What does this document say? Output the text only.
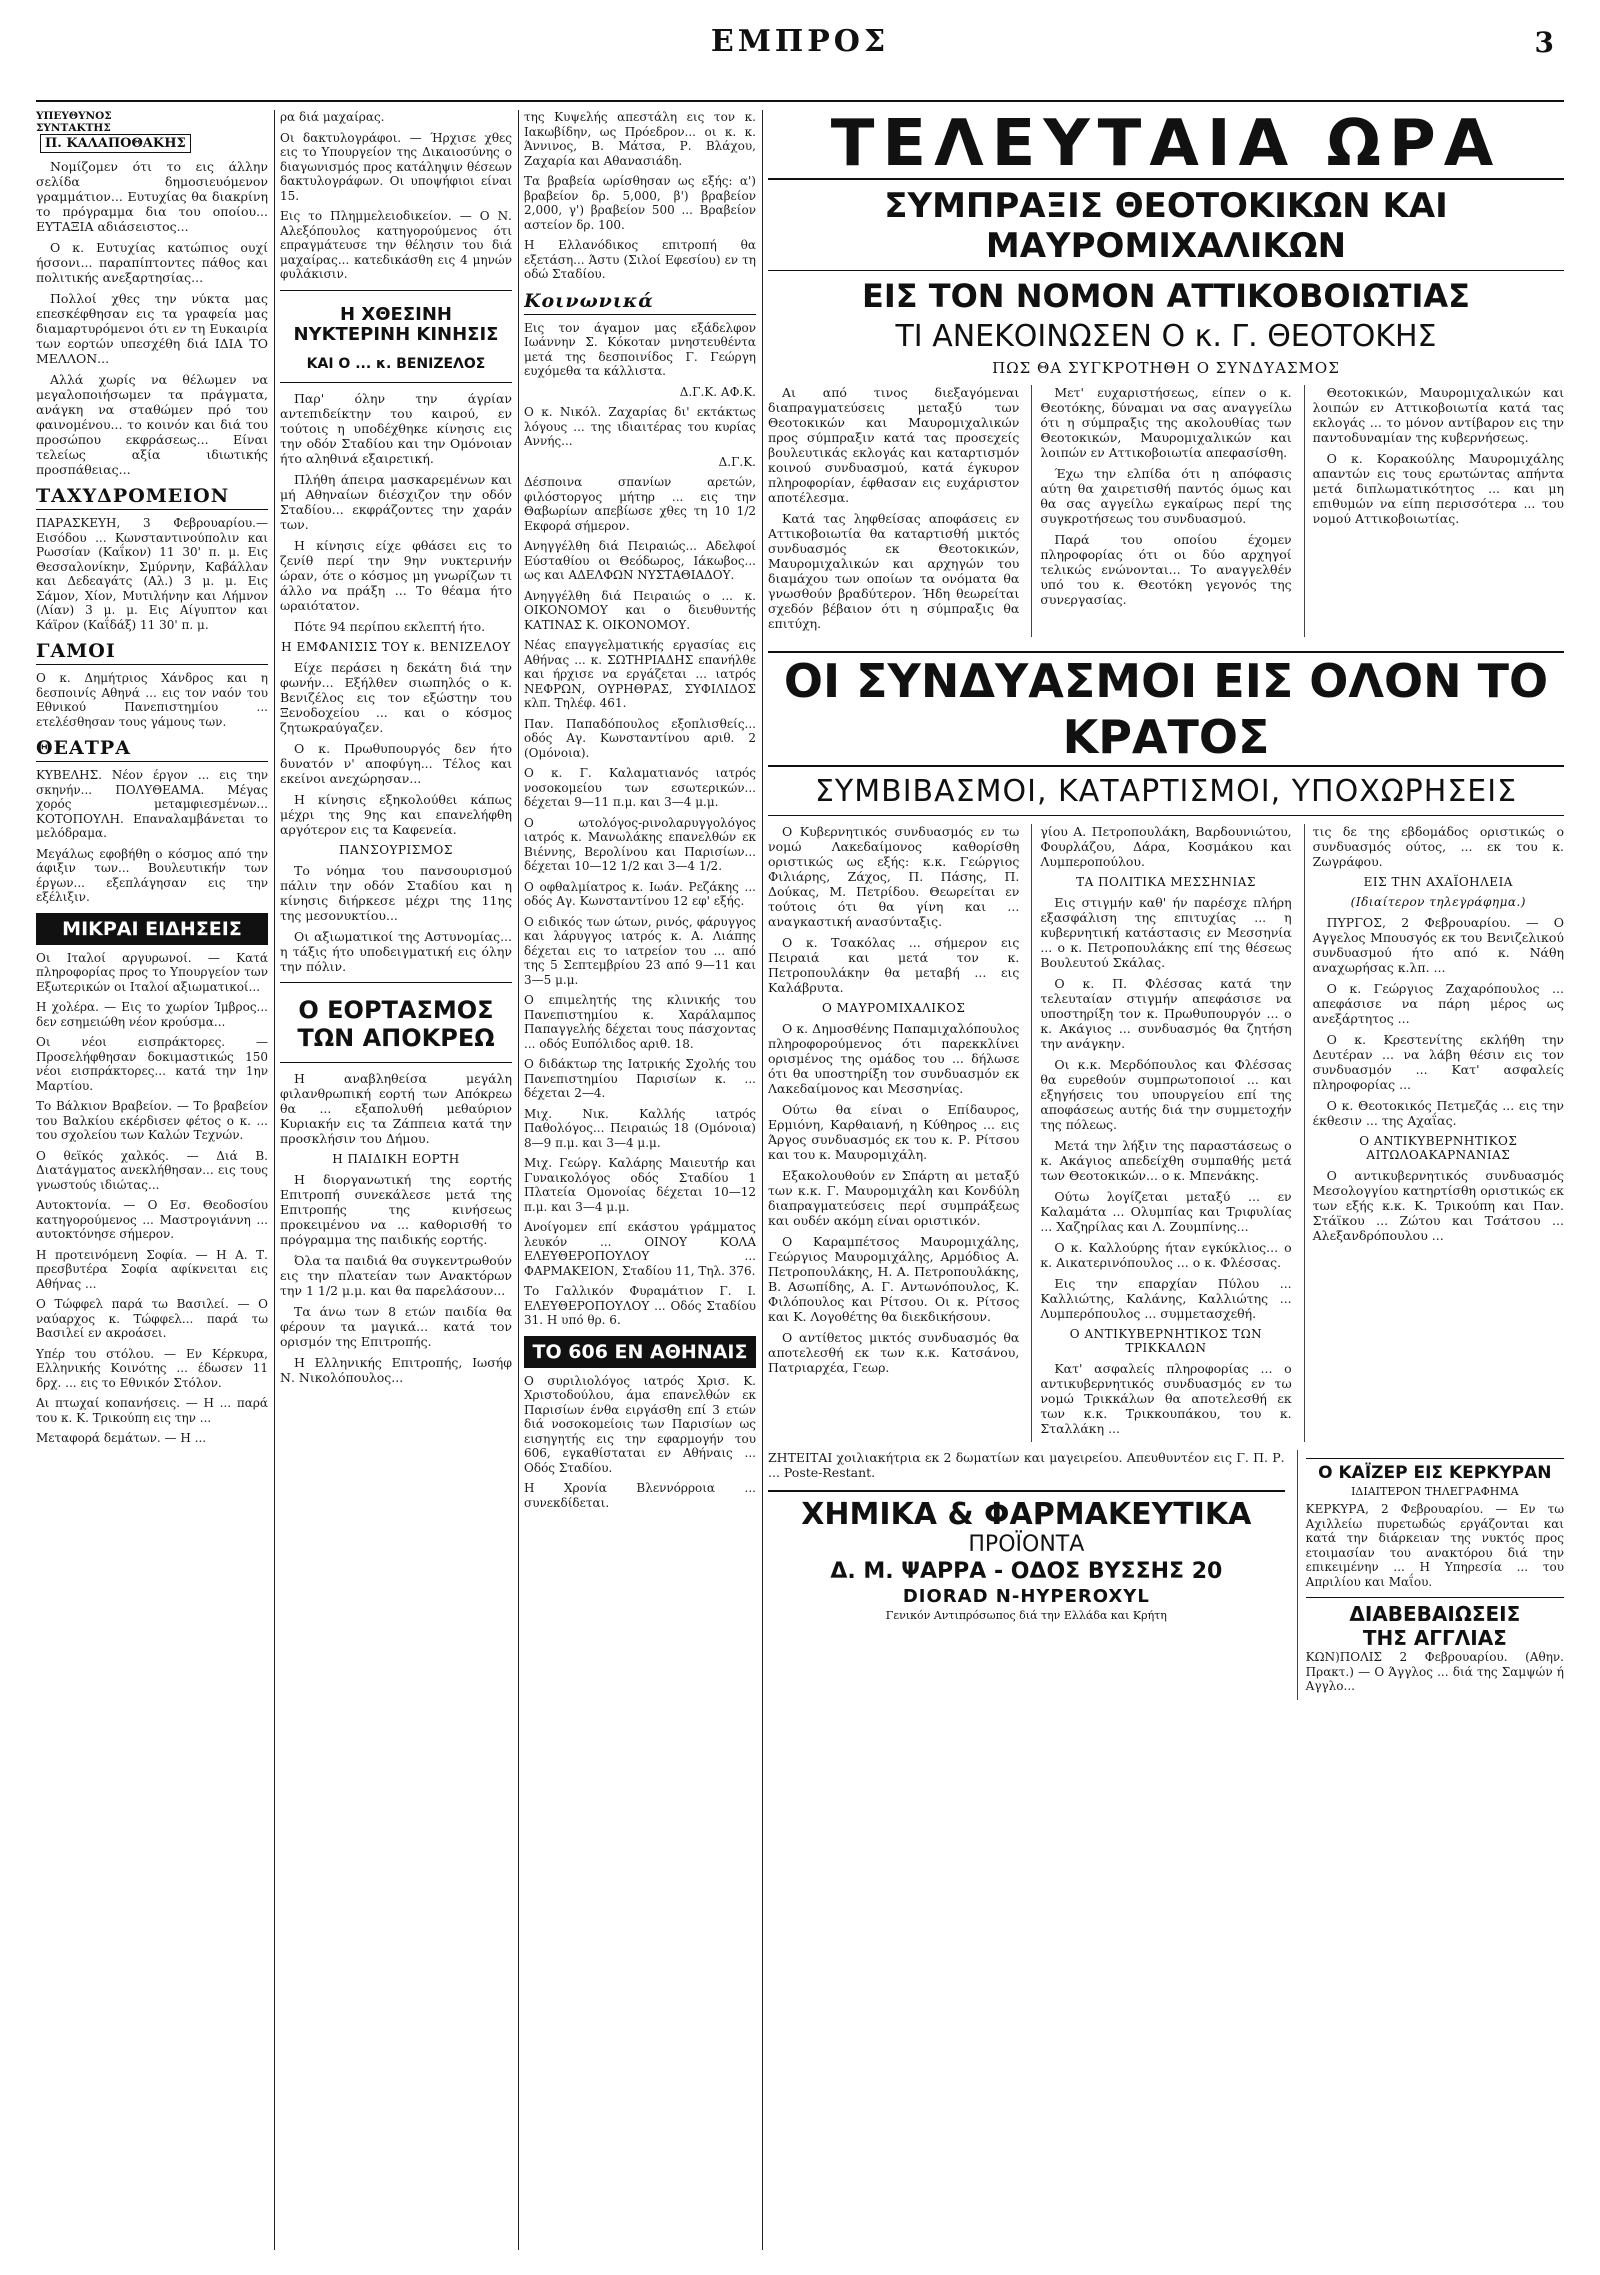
ΕΜΠΡΟΣ	3
ΥΠΕΥΘΥΝΟΣ
ΣΥΝΤΑΚΤΗΣ Π. ΚΑΛΑΠΟΘΑΚΗΣ

Νομίζομεν ότι το εις άλλην σελίδα δημοσιευόμενον γραμμάτιον... Ευτυχίας θα διακρίνη το πρόγραμμα δια του οποίου... ΕΥΤΑΞΙΑ αδιάσειστος...

Ο κ. Ευτυχίας κατώπιος ουχί ήσσονι... παραπίπτοντες πάθος και πολιτικής ανεξαρτησίας...

Πολλοί χθες την νύκτα μας επεσκέφθησαν εις τα γραφεία μας διαμαρτυρόμενοι ότι εν τη Ευκαιρία των εορτών υπεσχέθη διά ΙΔΙΑ ΤΟ ΜΕΛΛΟΝ...

Αλλά χωρίς να θέλωμεν να μεγαλοποιήσωμεν τα πράγματα, ανάγκη να σταθώμεν πρό του φαινομένου... το κοινόν και διά του προσώπου εκφράσεως... Είναι τελείως αξία ιδιωτικής προσπάθειας...

ΤΑΧΥΔΡΟΜΕΙΟΝ

ΠΑΡΑΣΚΕΥΗ, 3 Φεβρουαρίου.—Εισόδου ... Κωνσταντινούπολιν και Ρωσσίαν (Καΐκον) 11 30' π. μ. Εις Θεσσαλονίκην, Σμύρνην, Καβάλλαν και Δεδεαγάτς (Αλ.) 3 μ. μ. Εις Σάμον, Χίον, Μυτιλήνην και Λήμνον (Λίαν) 3 μ. μ. Εις Αίγυπτον και Κάϊρον (Καΐδάξ) 11 30' π. μ.

ΓΑΜΟΙ

Ο κ. Δημήτριος Χάνδρος και η δεσποινίς Αθηνά ... εις τον ναόν του Εθνικού Πανεπιστημίου ... ετελέσθησαν τους γάμους των.

ΘΕΑΤΡΑ

ΚΥΒΕΛΗΣ. Νέον έργον ... εις την σκηνήν... ΠΟΛΥΘΕΑΜΑ. Μέγας χορός μεταμφιεσμένων... ΚΟΤΟΠΟΥΛΗ. Επαναλαμβάνεται το μελόδραμα.

Μεγάλως εφοβήθη ο κόσμος από την άφιξιν των... Βουλευτικήν των έργων... εξεπλάγησαν εις την εξέλιξιν.

ΜΙΚΡΑΙ ΕΙΔΗΣΕΙΣ

Οι Ιταλοί αργυρωνοί. — Κατά πληροφορίας προς το Υπουργείον των Εξωτερικών οι Ιταλοί αξιωματικοί...

Η χολέρα. — Εις το χωρίον Ίμβρος... δεν εσημειώθη νέον κρούσμα...

Οι νέοι εισπράκτορες. — Προσελήφθησαν δοκιμαστικώς 150 νέοι εισπράκτορες... κατά την 1ην Μαρτίου.

Το Βάλκιον Βραβείον. — Το βραβείον του Βαλκίου εκέρδισεν φέτος ο κ. ... του σχολείου των Καλών Τεχνών.

Ο θεϊκός χαλκός. — Διά Β. Διατάγματος ανεκλήθησαν... εις τους γνωστούς ιδιώτας...

Αυτοκτονία. — Ο Εσ. Θεοδοσίου κατηγορούμενος ... Μαστρογιάννη ... αυτοκτόνησε σήμερον.

Η προτεινόμενη Σοφία. — Η Α. Τ. πρεσβυτέρα Σοφία αφίκνειται εις Αθήνας ...

Ο Τώφφελ παρά τω Βασιλεί. — Ο ναύαρχος κ. Τώφφελ... παρά τω Βασιλεί εν ακροάσει.

Υπέρ του στόλου. — Εν Κέρκυρα, Ελληνικής Κοινότης ... έδωσεν 11 δρχ. ... εις το Εθνικόν Στόλον.

Αι πτωχαί κοπανήσεις. — Η ... παρά του κ. Κ. Τρικούπη εις την ...

Μεταφορά δεμάτων. — Η ...

ρα διά μαχαίρας.

Οι δακτυλογράφοι. — Ήρχισε χθες εις το Υπουργείον της Δικαιοσύνης ο διαγωνισμός προς κατάληψιν θέσεων δακτυλογράφων. Οι υποψήφιοι είναι 15.

Εις το Πλημμελειοδικείον. — Ο Ν. Αλεξόπουλος κατηγορούμενος ότι επραγμάτευσε την θέλησιν του διά μαχαίρας... κατεδικάσθη εις 4 μηνών φυλάκισιν.

Η ΧΘΕΣΙΝΗ
ΝΥΚΤΕΡΙΝΗ ΚΙΝΗΣΙΣ
ΚΑΙ Ο ... κ. ΒΕΝΙΖΕΛΟΣ

Παρ' όλην την άγρίαν αντεπιδείκτην του καιρού, εν τούτοις η υποδέχθηκε κίνησις εις την οδόν Σταδίου και την Ομόνοιαν ήτο αληθινά εξαιρετική.

Πλήθη άπειρα μασκαρεμένων και μή Αθηναίων διέσχιζον την οδόν Σταδίου... εκφράζοντες την χαράν των.

Η κίνησις είχε φθάσει εις το ζενίθ περί την 9ην νυκτερινήν ώραν, ότε ο κόσμος μη γνωρίζων τι άλλο να πράξη ... Το θέαμα ήτο ωραιότατον.

Πότε 94 περίπου εκλεπτή ήτο.

Η ΕΜΦΑΝΙΣΙΣ ΤΟΥ κ. ΒΕΝΙΖΕΛΟΥ

Είχε περάσει η δεκάτη διά την φωνήν... Εξήλθεν σιωπηλός ο κ. Βενιζέλος εις τον εξώστην του Ξενοδοχείου ... και ο κόσμος ζητωκραύγαζεν.

Ο κ. Πρωθυπουργός δεν ήτο δυνατόν ν' αποφύγη... Τέλος και εκείνοι ανεχώρησαν...

Η κίνησις εξηκολούθει κάπως μέχρι της 9ης και επανελήφθη αργότερον εις τα Καφενεία.

ΠΑΝΣΟΥΡΙΣΜΟΣ

Το νόημα του πανσουρισμού πάλιν την οδόν Σταδίου και η κίνησις διήρκεσε μέχρι της 11ης της μεσονυκτίου...

Οι αξιωματικοί της Αστυνομίας... η τάξις ήτο υποδειγματική εις όλην την πόλιν.

Ο ΕΟΡΤΑΣΜΟΣ
ΤΩΝ ΑΠΟΚΡΕΩ

Η αναβληθείσα μεγάλη φιλανθρωπική εορτή των Απόκρεω θα ... εξαπολυθή μεθαύριον Κυριακήν εις τα Ζάππεια κατά την προσκλήσιν του Δήμου.

Η ΠΑΙΔΙΚΗ ΕΟΡΤΗ

Η διοργανωτική της εορτής Επιτροπή συνεκάλεσε μετά της Επιτροπής της κινήσεως προκειμένου να ... καθορισθή το πρόγραμμα της παιδικής εορτής.

Όλα τα παιδιά θα συγκεντρωθούν εις την πλατείαν των Ανακτόρων την 1 1/2 μ.μ. και θα παρελάσουν...

Τα άνω των 8 ετών παιδία θα φέρουν τα μαγικά... κατά τον ορισμόν της Επιτροπής.

Η Ελληνικής Επιτροπής, Ιωσήφ Ν. Νικολόπουλος...

της Κυψελής απεστάλη εις τον κ. Ιακωβίδην, ως Πρόεδρον... οι κ. κ. Άννινος, Β. Μάτσα, Ρ. Βλάχου, Ζαχαρία και Αθανασιάδη.

Τα βραβεία ωρίσθησαν ως εξής: α') βραβείον δρ. 5,000, β') βραβείον 2,000, γ') βραβείον 500 ... Βραβείον αστείον δρ. 100.

Η Ελλανόδικος επιτροπή θα εξετάση... Άστυ (Σιλοί Εφεσίου) εν τη οδώ Σταδίου.

Κοινωνικά

Εις τον άγαμον μας εξάδελφον Ιωάννην Σ. Κόκοταν μνηστευθέντα μετά της δεσποινίδος Γ. Γεώργη ευχόμεθα τα κάλλιστα.

Δ.Γ.Κ. ΑΦ.Κ.

Ο κ. Νικόλ. Ζαχαρίας δι' εκτάκτως λόγους ... της ιδιαιτέρας του κυρίας Αννής...

Δ.Γ.Κ.

Δέσποινα σπανίων αρετών, φιλόστοργος μήτηρ ... εις την Θαβωρίων απεβίωσε χθες τη 10 1/2 Εκφορά σήμερον.

Ανηγγέλθη διά Πειραιώς... Αδελφοί Εύσταθίου οι Θεόδωρος, Ιάκωβος... ως και ΑΔΕΛΦΩΝ ΝΥΣΤΑΘΙΑΔΟΥ.

Ανηγγέλθη διά Πειραιώς ο ... κ. ΟΙΚΟΝΟΜΟΥ και ο διευθυντής ΚΑΤΙΝΑΣ Κ. ΟΙΚΟΝΟΜΟΥ.

Νέας επαγγελματικής εργασίας εις Αθήνας ... κ. ΣΩΤΗΡΙΑΔΗΣ επανήλθε και ήρχισε να εργάζεται ... ιατρός ΝΕΦΡΩΝ, ΟΥΡΗΘΡΑΣ, ΣΥΦΙΛΙΔΟΣ κλπ. Τηλέφ. 461.

Παν. Παπαδόπουλος εξοπλισθείς... οδός Αγ. Κωνσταντίνου αριθ. 2 (Ομόνοια).

Ο κ. Γ. Καλαματιανός ιατρός νοσοκομείου των εσωτερικών... δέχεται 9—11 π.μ. και 3—4 μ.μ.

Ο ωτολόγος-ρινολαρυγγολόγος ιατρός κ. Μανωλάκης επανελθών εκ Βιέννης, Βερολίνου και Παρισίων... δέχεται 10—12 1/2 και 3—4 1/2.

Ο οφθαλμίατρος κ. Ιωάν. Ρεζάκης ... οδός Αγ. Κωνσταντίνου 12 εφ' εξής.

Ο ειδικός των ώτων, ρινός, φάρυγγος και λάρυγγος ιατρός κ. Α. Λιάπης δέχεται εις το ιατρείον του ... από της 5 Σεπτεμβρίου 23 από 9—11 και 3—5 μ.μ.

Ο επιμελητής της κλινικής του Πανεπιστημίου κ. Χαράλαμπος Παπαγγελής δέχεται τους πάσχοντας ... οδός Ευπόλιδος αριθ. 18.

Ο διδάκτωρ της Ιατρικής Σχολής του Πανεπιστημίου Παρισίων κ. ... δέχεται 2—4.

Μιχ. Νικ. Καλλής ιατρός Παθολόγος... Πειραιώς 18 (Ομόνοια) 8—9 π.μ. και 3—4 μ.μ.

Μιχ. Γεώργ. Καλάρης Μαιευτήρ και Γυναικολόγος οδός Σταδίου 1 Πλατεία Ομονοίας δέχεται 10—12 π.μ. και 3—4 μ.μ.

Ανοίγομεν επί εκάστου γράμματος λευκόν ... ΟΙΝΟΥ ΚΟΛΑ ΕΛΕΥΘΕΡΟΠΟΥΛΟΥ ... ΦΑΡΜΑΚΕΙΟΝ, Σταδίου 11, Τηλ. 376.

Το Γαλλικόν Φυραμάτιον Γ. Ι. ΕΛΕΥΘΕΡΟΠΟΥΛΟΥ ... Οδός Σταδίου 31. Η υπό θρ. 6.

ΤΟ 606 ΕΝ ΑΘΗΝΑΙΣ

Ο συριλιολόγος ιατρός Χρισ. Κ. Χριστοδούλου, άμα επανελθών εκ Παρισίων ένθα ειργάσθη επί 3 ετών διά νοσοκομείοις των Παρισίων ως εισηγητής εις την εφαρμογήν του 606, εγκαθίσταται εν Αθήναις ... Οδός Σταδίου.

Η Χρονία Βλεννόρροια ... συνεκδίδεται.

ΤΕΛΕΥΤΑΙΑ ΩΡΑ
ΣΥΜΠΡΑΞΙΣ ΘΕΟΤΟΚΙΚΩΝ ΚΑΙ ΜΑΥΡΟΜΙΧΑΛΙΚΩΝ
ΕΙΣ ΤΟΝ ΝΟΜΟΝ ΑΤΤΙΚΟΒΟΙΩΤΙΑΣ
ΤΙ ΑΝΕΚΟΙΝΩΣΕΝ Ο κ. Γ. ΘΕΟΤΟΚΗΣ
ΠΩΣ ΘΑ ΣΥΓΚΡΟΤΗΘΗ Ο ΣΥΝΔΥΑΣΜΟΣ

Αι από τινος διεξαγόμεναι διαπραγματεύσεις μεταξύ των Θεοτοκικών και Μαυρομιχαλικών προς σύμπραξιν κατά τας προσεχείς βουλευτικάς εκλογάς και καταρτισμόν κοινού συνδυασμού, κατά έγκυρον πληροφορίαν, έφθασαν εις ευχάριστον αποτέλεσμα.

Κατά τας ληφθείσας αποφάσεις εν Αττικοβοιωτία θα καταρτισθή μικτός συνδυασμός εκ Θεοτοκικών, Μαυρομιχαλικών και αρχηγών του διαμάχου των οποίων τα ονόματα θα γνωσθούν βραδύτερον. Ήδη θεωρείται σχεδόν βέβαιον ότι η σύμπραξις θα επιτύχη.

Μετ' ευχαριστήσεως, είπεν ο κ. Θεοτόκης, δύναμαι να σας αναγγείλω ότι η σύμπραξις της ακολουθίας των Θεοτοκικών, Μαυρομιχαλικών και λοιπών εν Αττικοβοιωτία απεφασίσθη.

Έχω την ελπίδα ότι η απόφασις αύτη θα χαιρετισθή παντός όμως και θα σας αγγείλω εγκαίρως περί της συγκροτήσεως του συνδυασμού.

Παρά του οποίου έχομεν πληροφορίας ότι οι δύο αρχηγοί τελικώς ενώνονται... Το αναγγελθέν υπό του κ. Θεοτόκη γεγονός της συνεργασίας.

Θεοτοκικών, Μαυρομιχαλικών και λοιπών εν Αττικοβοιωτία κατά τας εκλογάς ... το μόνον αντίβαρον εις την παντοδυναμίαν της κυβερνήσεως.

Ο κ. Κορακούλης Μαυρομιχάλης απαντών εις τους ερωτώντας απήντα μετά διπλωματικότητος ... και μη επιθυμών να είπη περισσότερα ... του νομού Αττικοβοιωτίας.

ΟΙ ΣΥΝΔΥΑΣΜΟΙ ΕΙΣ ΟΛΟΝ ΤΟ ΚΡΑΤΟΣ
ΣΥΜΒΙΒΑΣΜΟΙ, ΚΑΤΑΡΤΙΣΜΟΙ, ΥΠΟΧΩΡΗΣΕΙΣ

Ο Κυβερνητικός συνδυασμός εν τω νομώ Λακεδαίμονος καθορίσθη οριστικώς ως εξής: κ.κ. Γεώργιος Φιλιάρης, Ζάχος, Π. Πάσης, Π. Δούκας, Μ. Πετρίδου. Θεωρείται εν τούτοις ότι θα γίνη και ... αναγκαστική ανασύνταξις.

Ο κ. Τσακόλας ... σήμερον εις Πειραιά και μετά τον κ. Πετροπουλάκην θα μεταβή ... εις Καλάβρυτα.

Ο ΜΑΥΡΟΜΙΧΑΛΙΚΟΣ

Ο κ. Δημοσθένης Παπαμιχαλόπουλος πληροφορούμενος ότι παρεκκλίνει ορισμένος της ομάδος του ... δήλωσε ότι θα υποστηρίξη τον συνδυασμόν εκ Λακεδαίμονος και Μεσσηνίας.

Ούτω θα είναι ο Επίδαυρος, Ερμιόνη, Καρθαιανή, η Κύθηρος ... εις Άργος συνδυασμός εκ του κ. Ρ. Ρίτσου και του κ. Μαυρομιχάλη.

Εξακολουθούν εν Σπάρτη αι μεταξύ των κ.κ. Γ. Μαυρομιχάλη και Κονδύλη διαπραγματεύσεις περί συμπράξεως και ουδέν ακόμη είναι οριστικόν.

Ο Καραμπέτσος Μαυρομιχάλης, Γεώργιος Μαυρομιχάλης, Αρμόδιος Α. Πετροπουλάκης, Η. Α. Πετροπουλάκης, Β. Ασωπίδης, Α. Γ. Αντωνόπουλος, Κ. Φιλόπουλος και Ρίτσου. Οι κ. Ρίτσος και Κ. Λογοθέτης θα διεκδικήσουν.

Ο αντίθετος μικτός συνδυασμός θα αποτελεσθή εκ των κ.κ. Κατσάνου, Πατριαρχέα, Γεωρ.

γίου Α. Πετροπουλάκη, Βαρδουνιώτου, Φουρλάζου, Δάρα, Κοσμάκου και Λυμπεροπούλου.

ΤΑ ΠΟΛΙΤΙΚΑ ΜΕΣΣΗΝΙΑΣ

Εις στιγμήν καθ' ήν παρέσχε πλήρη εξασφάλιση της επιτυχίας ... η κυβερνητική κατάστασις εν Μεσσηνία ... ο κ. Πετροπουλάκης επί της θέσεως Βουλευτού Σκάλας.

Ο κ. Π. Φλέσσας κατά την τελευταίαν στιγμήν απεφάσισε να υποστηρίξη τον κ. Πρωθυπουργόν ... ο κ. Ακάγιος ... συνδυασμός θα ζητήση την ανάγκην.

Οι κ.κ. Μερδόπουλος και Φλέσσας θα ευρεθούν συμπρωτοποιοί ... και εξηγήσεις του υπουργείου επί της αποφάσεως αυτής διά την συμμετοχήν της πόλεως.

Μετά την λήξιν της παραστάσεως ο κ. Ακάγιος απεδείχθη συμπαθής μετά των Θεοτοκικών... ο κ. Μπενάκης.

Ούτω λογίζεται μεταξύ ... εν Καλαμάτα ... Ολυμπίας και Τριφυλίας ... Χαζηρίλας και Λ. Ζουμπίνης...

Ο κ. Καλλούρης ήταν εγκύκλιος... ο κ. Αικατερινόπουλος ... ο κ. Φλέσσας.

Εις την επαρχίαν Πύλου ... Καλλιώτης, Καλάνης, Καλλιώτης ... Λυμπερόπουλος ... συμμετασχεθή.

Ο ΑΝΤΙΚΥΒΕΡΝΗΤΙΚΟΣ ΤΩΝ ΤΡΙΚΚΑΛΩΝ

Κατ' ασφαλείς πληροφορίας ... ο αντικυβερνητικός συνδυασμός εν τω νομώ Τρικκάλων θα αποτελεσθή εκ των κ.κ. Τρικκουπάκου, του κ. Σταλλάκη ...

τις δε της εβδομάδος οριστικώς ο συνδυασμός ούτος, ... εκ του κ. Ζωγράφου.

ΕΙΣ ΤΗΝ ΑΧΑΪΟΗΛΕΙΑ
(Ιδιαίτερον τηλεγράφημα.)

ΠΥΡΓΟΣ, 2 Φεβρουαρίου. — Ο Αγγελος Μπουσγός εκ του Βενιζελικού συνδυασμού ήτο από κ. Νάθη αναχωρήσας κ.λπ. ...

Ο κ. Γεώργιος Ζαχαρόπουλος ... απεφάσισε να πάρη μέρος ως ανεξάρτητος ...

Ο κ. Κρεστενίτης εκλήθη την Δευτέραν ... να λάβη θέσιν εις τον συνδυασμόν ... Κατ' ασφαλείς πληροφορίας ...

Ο κ. Θεοτοκικός Πετμεζάς ... εις την έκθεσιν ... της Αχαΐας.

Ο ΑΝΤΙΚΥΒΕΡΝΗΤΙΚΟΣ ΑΙΤΩΛΟΑΚΑΡΝΑΝΙΑΣ

Ο αντικυβερνητικός συνδυασμός Μεσολογγίου κατηρτίσθη οριστικώς εκ των εξής κ.κ. Κ. Τρικούπη και Παν. Στάϊκου ... Ζώτου και Τσάτσου ... Αλεξανδρόπουλου ...

ΖΗΤΕΙΤΑΙ χοιλιακήτρια εκ 2 δωματίων και μαγειρείου. Απευθυντέον εις Γ. Π. Ρ. ... Poste-Restant.

ΧΗΜΙΚΑ & ΦΑΡΜΑΚΕΥΤΙΚΑ
ΠΡΟΪΟΝΤΑ
Δ. Μ. ΨΑΡΡΑ - ΟΔΟΣ ΒΥΣΣΗΣ 20
DIORAD N-HYPEROXYL
Γενικόν Αντιπρόσωπος διά την Ελλάδα και Κρήτη
Ο ΚΑΪΖΕΡ ΕΙΣ ΚΕΡΚΥΡΑΝ
ΙΔΙΑΙΤΕΡΟΝ ΤΗΛΕΓΡΑΦΗΜΑ

ΚΕΡΚΥΡΑ, 2 Φεβρουαρίου. — Εν τω Αχιλλείω πυρετωδώς εργάζονται και κατά την διάρκειαν της νυκτός προς ετοιμασίαν του ανακτόρου διά την επικειμένην ... Η Υπηρεσία ... του Απριλίου και Μαΐου.

ΔΙΑΒΕΒΑΙΩΣΕΙΣ
ΤΗΣ ΑΓΓΛΙΑΣ

ΚΩΝ)ΠΟΛΙΣ 2 Φεβρουαρίου. (Αθην. Πρακτ.) — Ο Άγγλος ... διά της Σαμψών ή Αγγλο...
